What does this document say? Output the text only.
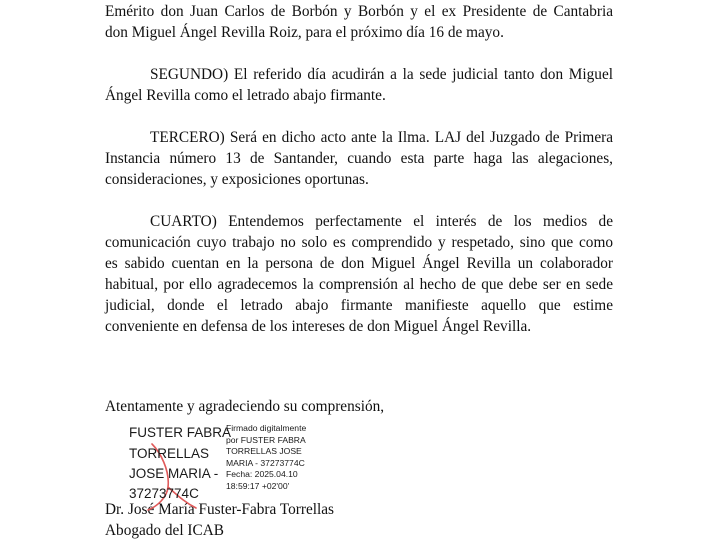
Emérito don Juan Carlos de Borbón y Borbón y el ex Presidente de Cantabria
don Miguel Ángel Revilla Roiz, para el próximo día 16 de mayo.
SEGUNDO) El referido día acudirán a la sede judicial tanto don Miguel
Ángel Revilla como el letrado abajo firmante.
TERCERO) Será en dicho acto ante la Ilma. LAJ del Juzgado de Primera
Instancia número 13 de Santander, cuando esta parte haga las alegaciones,
consideraciones, y exposiciones oportunas.
CUARTO) Entendemos perfectamente el interés de los medios de
comunicación cuyo trabajo no solo es comprendido y respetado, sino que como
es sabido cuentan en la persona de don Miguel Ángel Revilla un colaborador
habitual, por ello agradecemos la comprensión al hecho de que debe ser en sede
judicial, donde el letrado abajo firmante manifieste aquello que estime
conveniente en defensa de los intereses de don Miguel Ángel Revilla.
Atentamente y agradeciendo su comprensión,
Dr. José María Fuster-Fabra Torrellas
Abogado del ICAB
FUSTER FABRA
TORRELLAS
JOSE MARIA -
37273774C
Firmado digitalmente
por FUSTER FABRA
TORRELLAS JOSE
MARIA - 37273774C
Fecha: 2025.04.10
18:59:17 +02'00'
